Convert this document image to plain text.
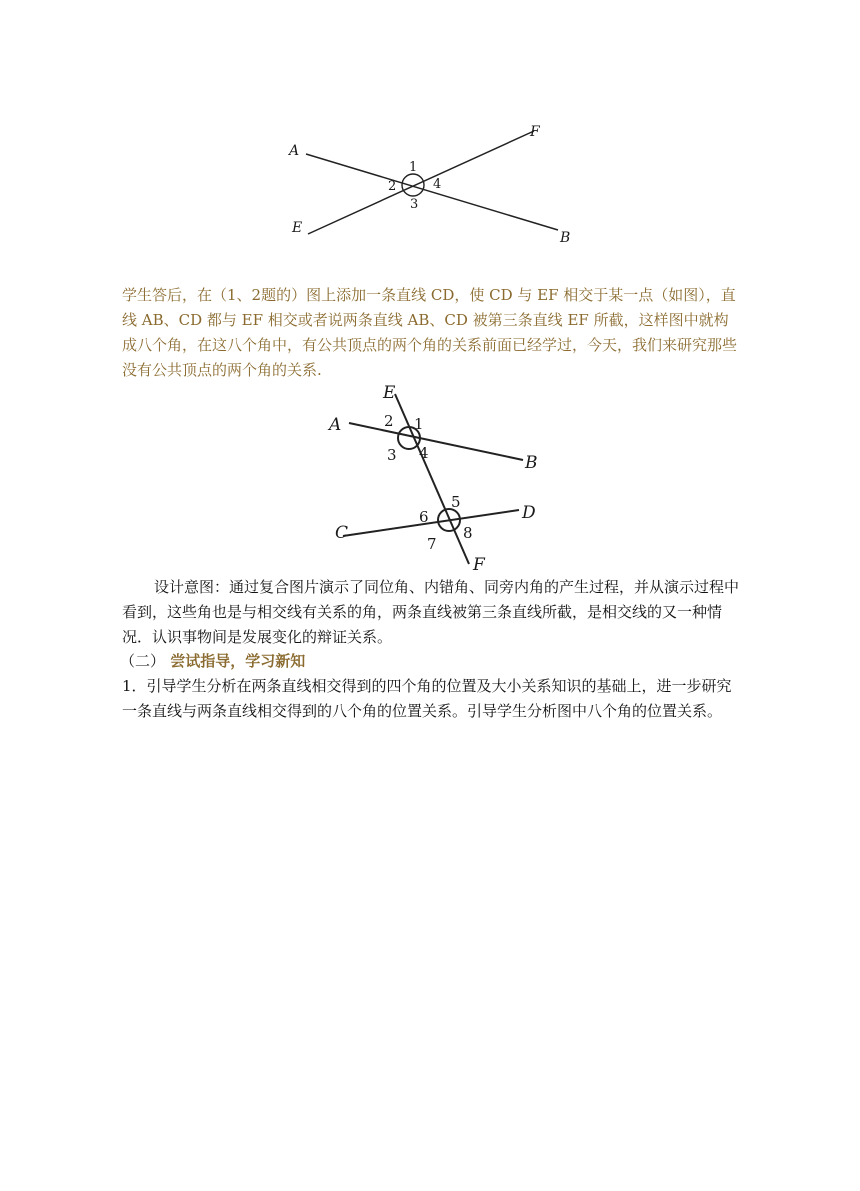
A
B
E
F
1
2
3
4

学生答后，在（1、2题的）图上添加一条直线 CD，使 CD 与 EF 相交于某一点（如图），直线 AB、CD 都与 EF 相交或者说两条直线 AB、CD 被第三条直线 EF 所截，这样图中就构成八个角，在这八个角中，有公共顶点的两个角的关系前面已经学过，今天，我们来研究那些没有公共顶点的两个角的关系.

A
B
C
D
E
F
1
2
3 4
5
6
7
8

设计意图：通过复合图片演示了同位角、内错角、同旁内角的产生过程，并从演示过程中看到，这些角也是与相交线有关系的角，两条直线被第三条直线所截，是相交线的又一种情况．认识事物间是发展变化的辩证关系。

（二） 尝试指导，学习新知

1．引导学生分析在两条直线相交得到的四个角的位置及大小关系知识的基础上，进一步研究一条直线与两条直线相交得到的八个角的位置关系。引导学生分析图中八个角的位置关系。
